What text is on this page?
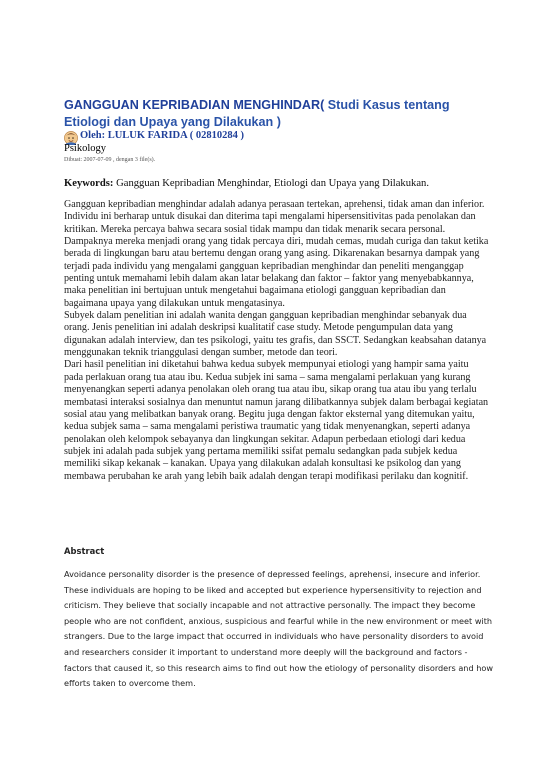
GANGGUAN KEPRIBADIAN MENGHINDAR( Studi Kasus tentang Etiologi dan Upaya yang Dilakukan )
Oleh: LULUK FARIDA ( 02810284 )
Psikology
Dibuat: 2007-07-09 , dengan 3 file(s).

Keywords: Gangguan Kepribadian Menghindar, Etiologi dan Upaya yang Dilakukan.

Gangguan kepribadian menghindar adalah adanya perasaan tertekan, aprehensi, tidak aman dan inferior. Individu ini berharap untuk disukai dan diterima tapi mengalami hipersensitivitas pada penolakan dan kritikan. Mereka percaya bahwa secara sosial tidak mampu dan tidak menarik secara personal. Dampaknya mereka menjadi orang yang tidak percaya diri, mudah cemas, mudah curiga dan takut ketika berada di lingkungan baru atau bertemu dengan orang yang asing. Dikarenakan besarnya dampak yang terjadi pada individu yang mengalami gangguan kepribadian menghindar dan peneliti menganggap penting untuk memahami lebih dalam akan latar belakang dan faktor – faktor yang menyebabkannya, maka penelitian ini bertujuan untuk mengetahui bagaimana etiologi gangguan kepribadian dan bagaimana upaya yang dilakukan untuk mengatasinya.

Subyek dalam penelitian ini adalah wanita dengan gangguan kepribadian menghindar sebanyak dua orang. Jenis penelitian ini adalah deskripsi kualitatif case study. Metode pengumpulan data yang digunakan adalah interview, dan tes psikologi, yaitu tes grafis, dan SSCT. Sedangkan keabsahan datanya menggunakan teknik trianggulasi dengan sumber, metode dan teori.

Dari hasil penelitian ini diketahui bahwa kedua subyek mempunyai etiologi yang hampir sama yaitu pada perlakuan orang tua atau ibu. Kedua subjek ini sama – sama mengalami perlakuan yang kurang menyenangkan seperti adanya penolakan oleh orang tua atau ibu, sikap orang tua atau ibu yang terlalu membatasi interaksi sosialnya dan menuntut namun jarang dilibatkannya subjek dalam berbagai kegiatan sosial atau yang melibatkan banyak orang. Begitu juga dengan faktor eksternal yang ditemukan yaitu, kedua subjek sama – sama mengalami peristiwa traumatic yang tidak menyenangkan, seperti adanya penolakan oleh kelompok sebayanya dan lingkungan sekitar. Adapun perbedaan etiologi dari kedua subjek ini adalah pada subjek yang pertama memiliki ssifat pemalu sedangkan pada subjek kedua memiliki sikap kekanak – kanakan. Upaya yang dilakukan adalah konsultasi ke psikolog dan yang membawa perubahan ke arah yang lebih baik adalah dengan terapi modifikasi perilaku dan kognitif.

Abstract

Avoidance personality disorder is the presence of depressed feelings, aprehensi, insecure and inferior. These individuals are hoping to be liked and accepted but experience hypersensitivity to rejection and criticism. They believe that socially incapable and not attractive personally. The impact they become people who are not confident, anxious, suspicious and fearful while in the new environment or meet with strangers. Due to the large impact that occurred in individuals who have personality disorders to avoid and researchers consider it important to understand more deeply will the background and factors - factors that caused it, so this research aims to find out how the etiology of personality disorders and how efforts taken to overcome them.
